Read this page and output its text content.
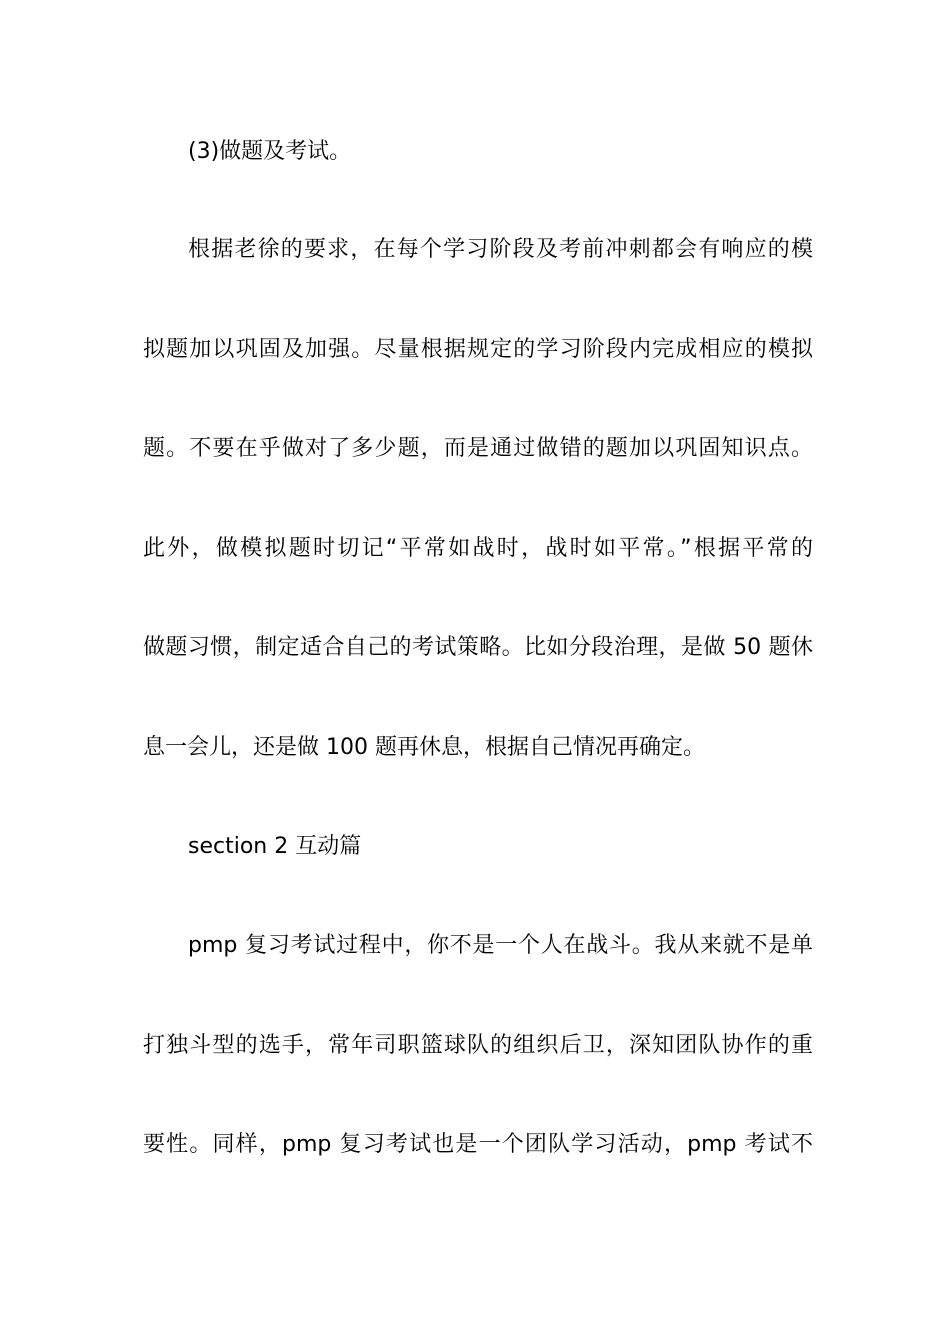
(3)做题及考试。
根据老徐的要求，在每个学习阶段及考前冲刺都会有响应的模
拟题加以巩固及加强。尽量根据规定的学习阶段内完成相应的模拟
题。不要在乎做对了多少题，而是通过做错的题加以巩固知识点。
此外，做模拟题时切记“平常如战时，战时如平常。”根据平常的
做题习惯，制定适合自己的考试策略。比如分段治理，是做 50 题休
息一会儿，还是做 100 题再休息，根据自己情况再确定。
section 2 互动篇
pmp 复习考试过程中，你不是一个人在战斗。我从来就不是单
打独斗型的选手，常年司职篮球队的组织后卫，深知团队协作的重
要性。同样，pmp 复习考试也是一个团队学习活动，pmp 考试不
